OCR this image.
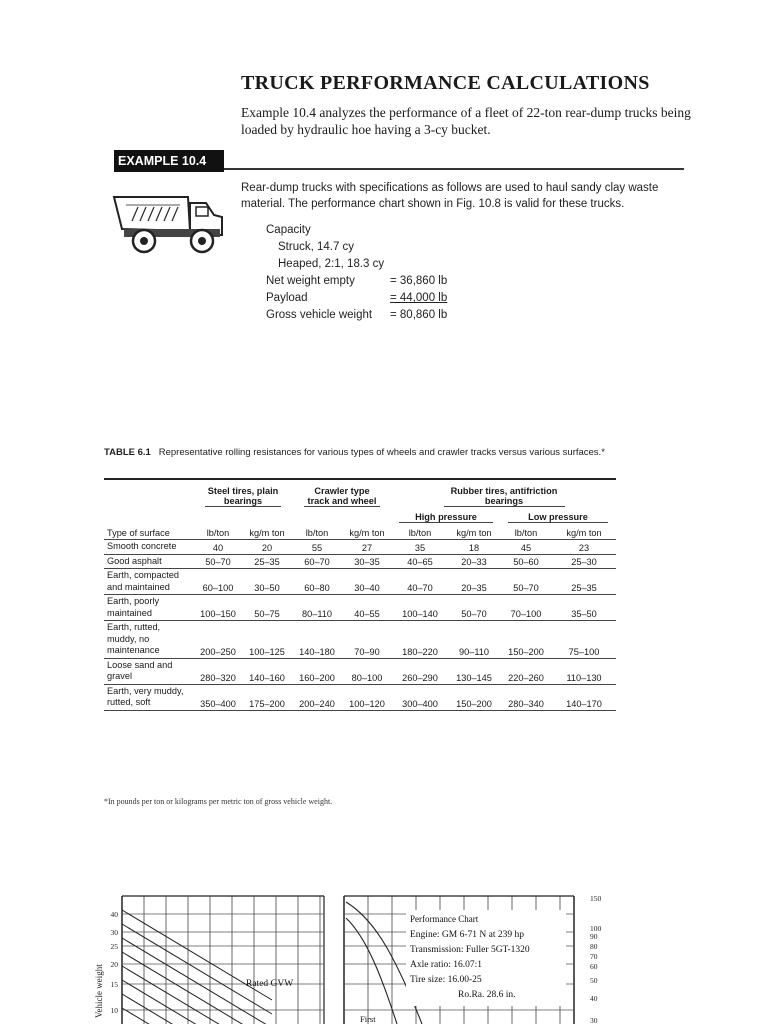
TRUCK PERFORMANCE CALCULATIONS
Example 10.4 analyzes the performance of a fleet of 22-ton rear-dump trucks being loaded by hydraulic hoe having a 3-cy bucket.
EXAMPLE 10.4
Rear-dump trucks with specifications as follows are used to haul sandy clay waste material. The performance chart shown in Fig. 10.8 is valid for these trucks.
Capacity
Struck, 14.7 cy
Heaped, 2:1, 18.3 cy
Net weight empty	= 36,860 lb
Payload	= 44,000 lb
Gross vehicle weight = 80,860 lb
TABLE 6.1 Representative rolling resistances for various types of wheels and crawler tracks versus various surfaces.*
	Steel tires, plain bearings		Crawler type track and wheel		Rubber tires, antifriction bearings			
					High pressure		Low pressure	
Type of surface	lb/ton	kg/m ton	lb/ton	kg/m ton	lb/ton	kg/m ton	lb/ton	kg/m ton
Smooth concrete	40	20	55	27	35	18	45	23
Good asphalt	50–70	25–35	60–70	30–35	40–65	20–33	50–60	25–30
Earth, compacted and maintained	60–100	30–50	60–80	30–40	40–70	20–35	50–70	25–35
Earth, poorly maintained	100–150	50–75	80–110	40–55	100–140	50–70	70–100	35–50
Earth, rutted, muddy, no maintenance	200–250	100–125	140–180	70–90	180–220	90–110	150–200	75–100
Loose sand and gravel	280–320	140–160	160–200	80–100	260–290	130–145	220–260	110–130
Earth, very muddy, rutted, soft	350–400	175–200	200–240	100–120	300–400	150–200	280–340	140–170
*In pounds per ton or kilograms per metric ton of gross vehicle weight.
40
30
25
20
15
10
150
100
90
80
70
60
50
40
30
Vehicle weight	Rated GVW
First
Performance Chart
Engine: GM 6-71 N at 239 hp
Transmission: Fuller 5GT-1320
Axle ratio: 16.07:1
Tire size: 16.00-25
Ro.Ra. 28.6 in.
